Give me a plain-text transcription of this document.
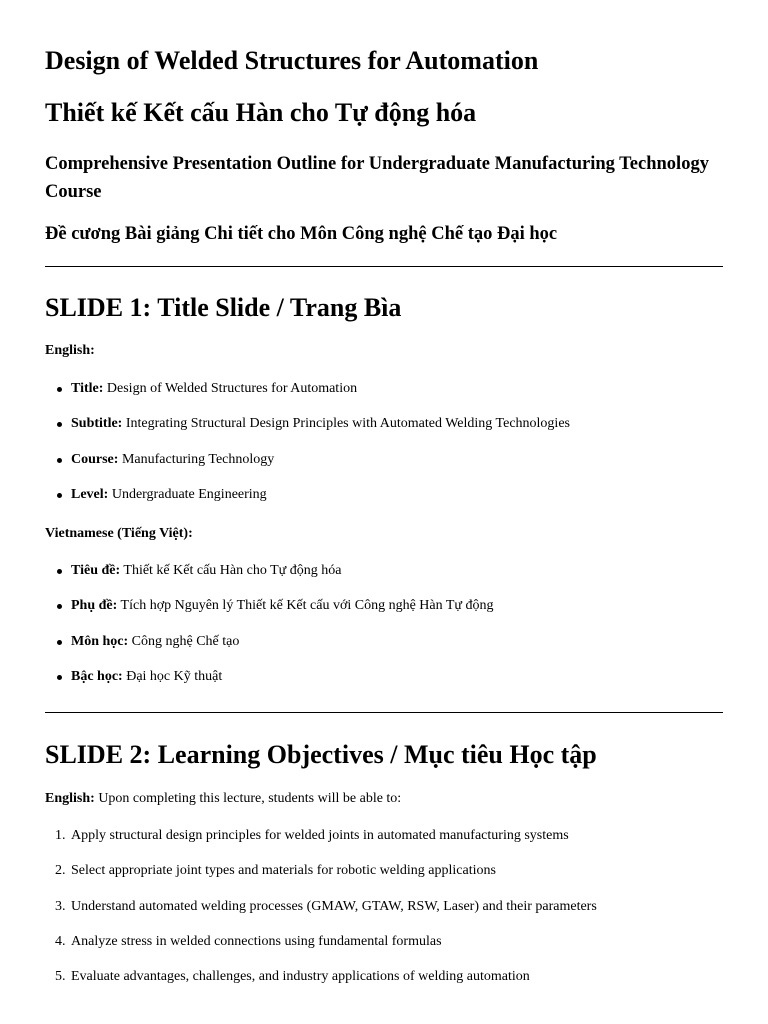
Design of Welded Structures for Automation
Thiết kế Kết cấu Hàn cho Tự động hóa
Comprehensive Presentation Outline for Undergraduate Manufacturing Technology Course
Đề cương Bài giảng Chi tiết cho Môn Công nghệ Chế tạo Đại học
SLIDE 1: Title Slide / Trang Bìa
English:
Title: Design of Welded Structures for Automation
Subtitle: Integrating Structural Design Principles with Automated Welding Technologies
Course: Manufacturing Technology
Level: Undergraduate Engineering
Vietnamese (Tiếng Việt):
Tiêu đề: Thiết kế Kết cấu Hàn cho Tự động hóa
Phụ đề: Tích hợp Nguyên lý Thiết kế Kết cấu với Công nghệ Hàn Tự động
Môn học: Công nghệ Chế tạo
Bậc học: Đại học Kỹ thuật
SLIDE 2: Learning Objectives / Mục tiêu Học tập
English: Upon completing this lecture, students will be able to:
1. Apply structural design principles for welded joints in automated manufacturing systems
2. Select appropriate joint types and materials for robotic welding applications
3. Understand automated welding processes (GMAW, GTAW, RSW, Laser) and their parameters
4. Analyze stress in welded connections using fundamental formulas
5. Evaluate advantages, challenges, and industry applications of welding automation
